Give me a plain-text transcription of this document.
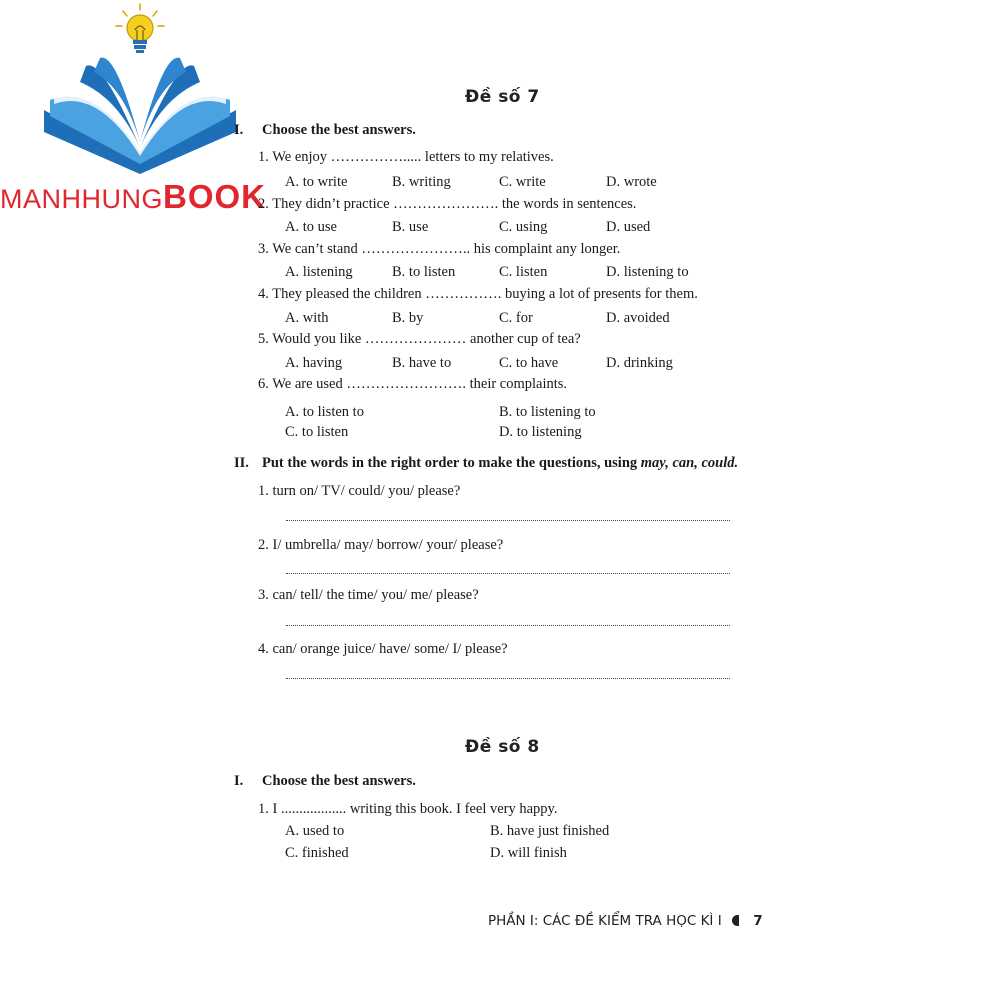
MANHHUNGBOOK
Đề số 7
I. Choose the best answers.
1. We enjoy ……………..... letters to my relatives.
A. to write	B. writing	C. write	D. wrote
2. They didn’t practice …………………. the words in sentences.
A. to use	B. use	C. using	D. used
3. We can’t stand ………………….. his complaint any longer.
A. listening	B. to listen	C. listen	D. listening to
4. They pleased the children ……………. buying a lot of presents for them.
A. with	B. by	C. for	D. avoided
5. Would you like ………………… another cup of tea?
A. having	B. have to	C. to have	D. drinking
6. We are used ……………………. their complaints.
A. to listen to	B. to listening to
C. to listen	D. to listening
II. Put the words in the right order to make the questions, using may, can, could.
1. turn on/ TV/ could/ you/ please?
2. I/ umbrella/ may/ borrow/ your/ please?
3. can/ tell/ the time/ you/ me/ please?
4. can/ orange juice/ have/ some/ I/ please?
Đề số 8
I. Choose the best answers.
1. I .................. writing this book. I feel very happy.
A. used to	B. have just finished
C. finished	D. will finish
PHẦN I: CÁC ĐỀ KIỂM TRA HỌC KÌ I 7
